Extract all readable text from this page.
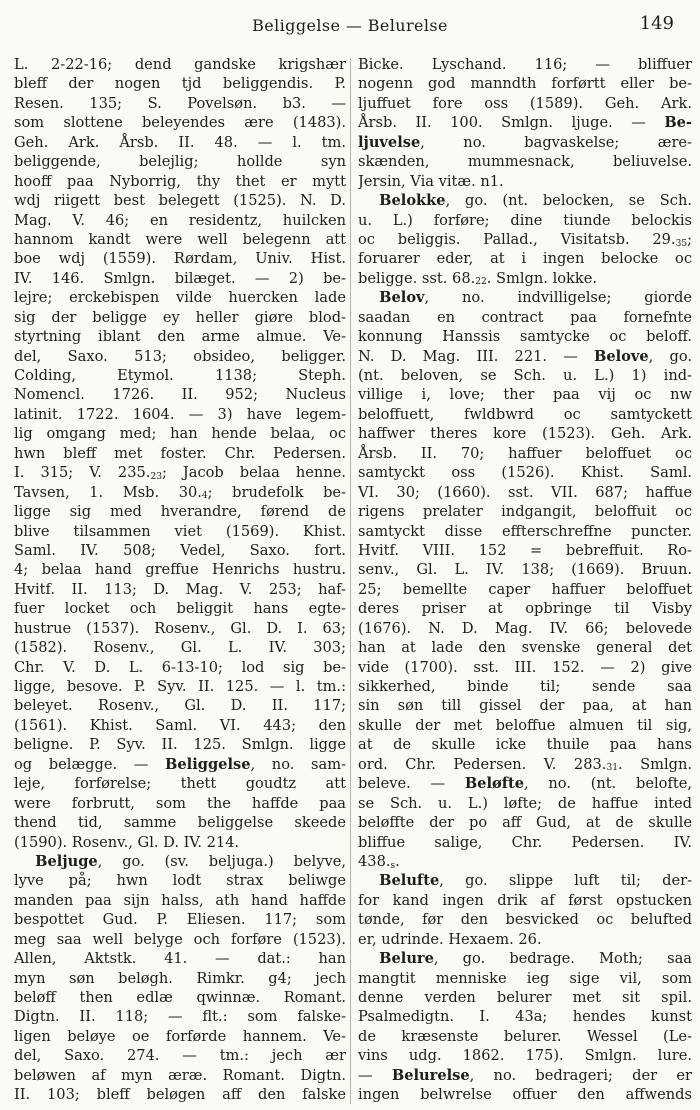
Beliggelse — Belurelse	149
L. 2-22-16; dend gandske krigshær
bleff der nogen tjd beliggendis. P.
Resen. 135; S. Povelsøn. b3. —
som slottene beleyendes ære (1483).
Geh. Ark. Årsb. II. 48. — l. tm.
beliggende, belejlig; hollde syn
hooff paa Nyborrig, thy thet er mytt
wdj riigett best belegett (1525). N. D.
Mag. V. 46; en residentz, huilcken
hannom kandt were well belegenn att
boe wdj (1559). Rørdam, Univ. Hist.
IV. 146. Smlgn. bilæget. — 2) be-
lejre; erckebispen vilde huercken lade
sig der beligge ey heller giøre blod-
styrtning iblant den arme almue. Ve-
del, Saxo. 513; obsideo, beligger.
Colding, Etymol. 1138; Steph.
Nomencl. 1726. II. 952; Nucleus
latinit. 1722. 1604. — 3) have legem-
lig omgang med; han hende belaa, oc
hwn bleff met foster. Chr. Pedersen.
I. 315; V. $235._{23}$; Jacob belaa henne.
Tavsen, 1. Msb. $30._4$; brudefolk be-
ligge sig med hverandre, førend de
blive tilsammen viet (1569). Khist.
Saml. IV. 508; Vedel, Saxo. fort.
4; belaa hand greffue Henrichs hustru.
Hvitf. II. 113; D. Mag. V. 253; haf-
fuer locket och beliggit hans egte-
hustrue (1537). Rosenv., Gl. D. I. 63;
(1582). Rosenv., Gl. L. IV. 303;
Chr. V. D. L. 6-13-10; lod sig be-
ligge, besove. P. Syv. II. 125. — l. tm.:
beleyet. Rosenv., Gl. D. II. 117;
(1561). Khist. Saml. VI. 443; den
beligne. P. Syv. II. 125. Smlgn. ligge
og belægge. — Beliggelse, no. sam-
leje, forførelse; thett goudtz att
were forbrutt, som the haffde paa
thend tid, samme beliggelse skeede
(1590). Rosenv., Gl. D. IV. 214.
Beljuge, go. (sv. beljuga.) belyve,
lyve på; hwn lodt strax beliwge
manden paa sijn halss, ath hand haffde
bespottet Gud. P. Eliesen. 117; som
meg saa well belyge och forføre (1523).
Allen, Aktstk. 41. — dat.: han
myn søn beløgh. Rimkr. g4; jech
beløff then edlæ qwinnæ. Romant.
Digtn. II. 118; — flt.: som falske-
ligen beløye oe forførde hannem. Ve-
del, Saxo. 274. — tm.: jech ær
beløwen af myn æræ. Romant. Digtn.
II. 103; bleff beløgen aff den falske
Bicke. Lyschand. 116; — bliffuer
nogenn god manndth forførtt eller be-
ljuffuet fore oss (1589). Geh. Ark.
Årsb. II. 100. Smlgn. ljuge. — Be-
ljuvelse, no. bagvaskelse; ære-
skænden, mummesnack, beliuvelse.
Jersin, Via vitæ. n1.
Belokke, go. (nt. belocken, se Sch.
u. L.) forføre; dine tiunde belockis
oc beliggis. Pallad., Visitatsb. $29._{35}$;
foruarer eder, at i ingen belocke oc
beligge. sst. $68._{22}$. Smlgn. lokke.
Belov, no. indvilligelse; giorde
saadan en contract paa fornefnte
konnung Hanssis samtycke oc beloff.
N. D. Mag. III. 221. — Belove, go.
(nt. beloven, se Sch. u. L.) 1) ind-
villige i, love; ther paa vij oc nw
beloffuett, fwldbwrd oc samtyckett
haffwer theres kore (1523). Geh. Ark.
Årsb. II. 70; haffuer beloffuet oc
samtyckt oss (1526). Khist. Saml.
VI. 30; (1660). sst. VII. 687; haffue
rigens prelater indgangit, beloffuit oc
samtyckt disse effterschreffne puncter.
Hvitf. VIII. 152 = bebreffuit. Ro-
senv., Gl. L. IV. 138; (1669). Bruun.
25; bemellte caper haffuer beloffuet
deres priser at opbringe til Visby
(1676). N. D. Mag. IV. 66; belovede
han at lade den svenske general det
vide (1700). sst. III. 152. — 2) give
sikkerhed, binde til; sende saa
sin søn till gissel der paa, at han
skulle der met beloffue almuen til sig,
at de skulle icke thuile paa hans
ord. Chr. Pedersen. V. $283._{31}$. Smlgn.
beleve. — Beløfte, no. (nt. belofte,
se Sch. u. L.) løfte; de haffue inted
beløffte der po aff Gud, at de skulle
bliffue salige, Chr. Pedersen. IV.
$438._s$.
Belufte, go. slippe luft til; der-
for kand ingen drik af først opstucken
tønde, før den besvicked oc belufted
er, udrinde. Hexaem. 26.
Belure, go. bedrage. Moth; saa
mangtit menniske ieg sige vil, som
denne verden belurer met sit spil.
Psalmedigtn. I. 43a; hendes kunst
de kræsenste belurer. Wessel (Le-
vins udg. 1862. 175). Smlgn. lure.
— Belurelse, no. bedrageri; der er
ingen belwrelse offuer den affwends
